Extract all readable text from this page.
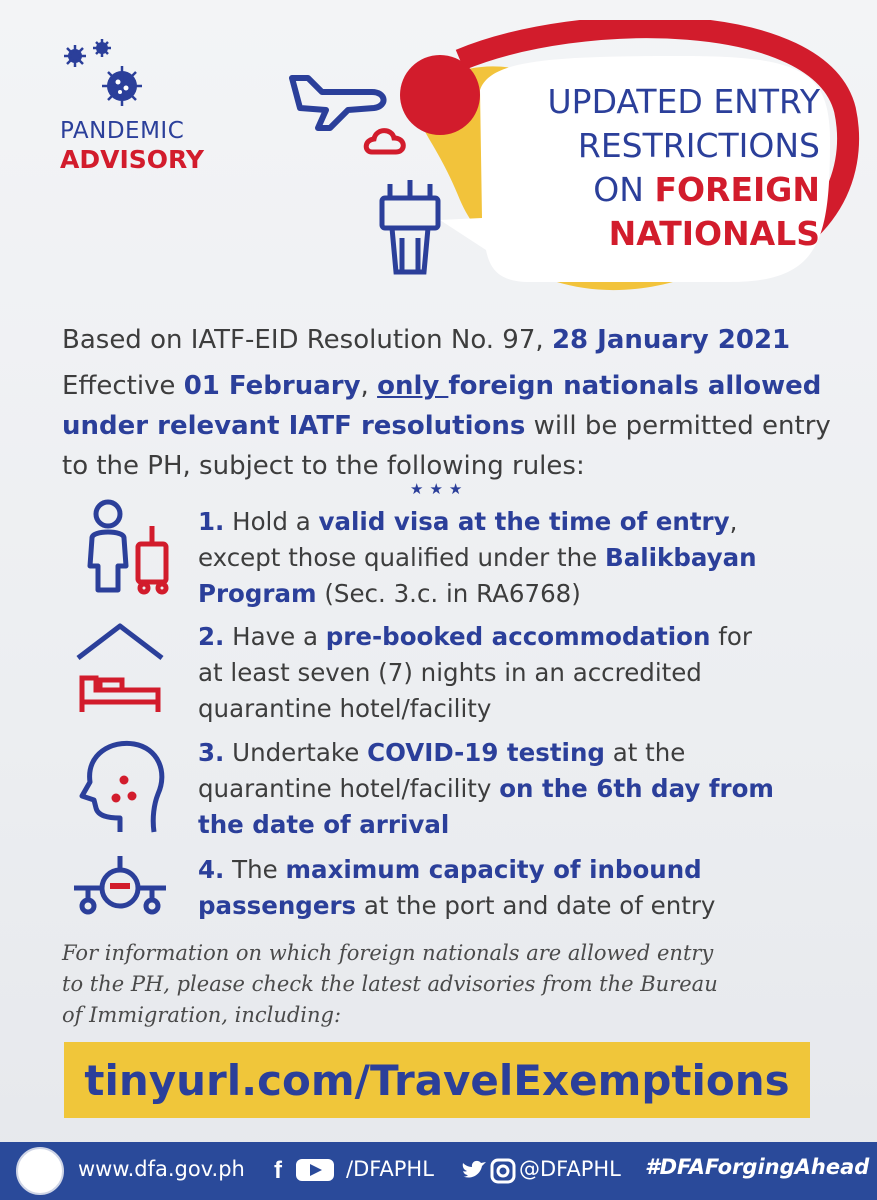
PANDEMIC
ADVISORY
UPDATED ENTRY
RESTRICTIONS
ON FOREIGN
NATIONALS
Based on IATF-EID Resolution No. 97, 28 January 2021
Effective 01 February, only foreign nationals allowed
under relevant IATF resolutions will be permitted entry
to the PH, subject to the following rules:
★★★
1. Hold a valid visa at the time of entry,
except those qualified under the Balikbayan
Program (Sec. 3.c. in RA6768)
2. Have a pre-booked accommodation for
at least seven (7) nights in an accredited
quarantine hotel/facility
3. Undertake COVID-19 testing at the
quarantine hotel/facility on the 6th day from
the date of arrival
4. The maximum capacity of inbound
passengers at the port and date of entry
For information on which foreign nationals are allowed entry
to the PH, please check the latest advisories from the Bureau
of Immigration, including:
tinyurl.com/TravelExemptions
www.dfa.gov.ph f	/DFAPHL	@DFAPHL #DFAForgingAhead
